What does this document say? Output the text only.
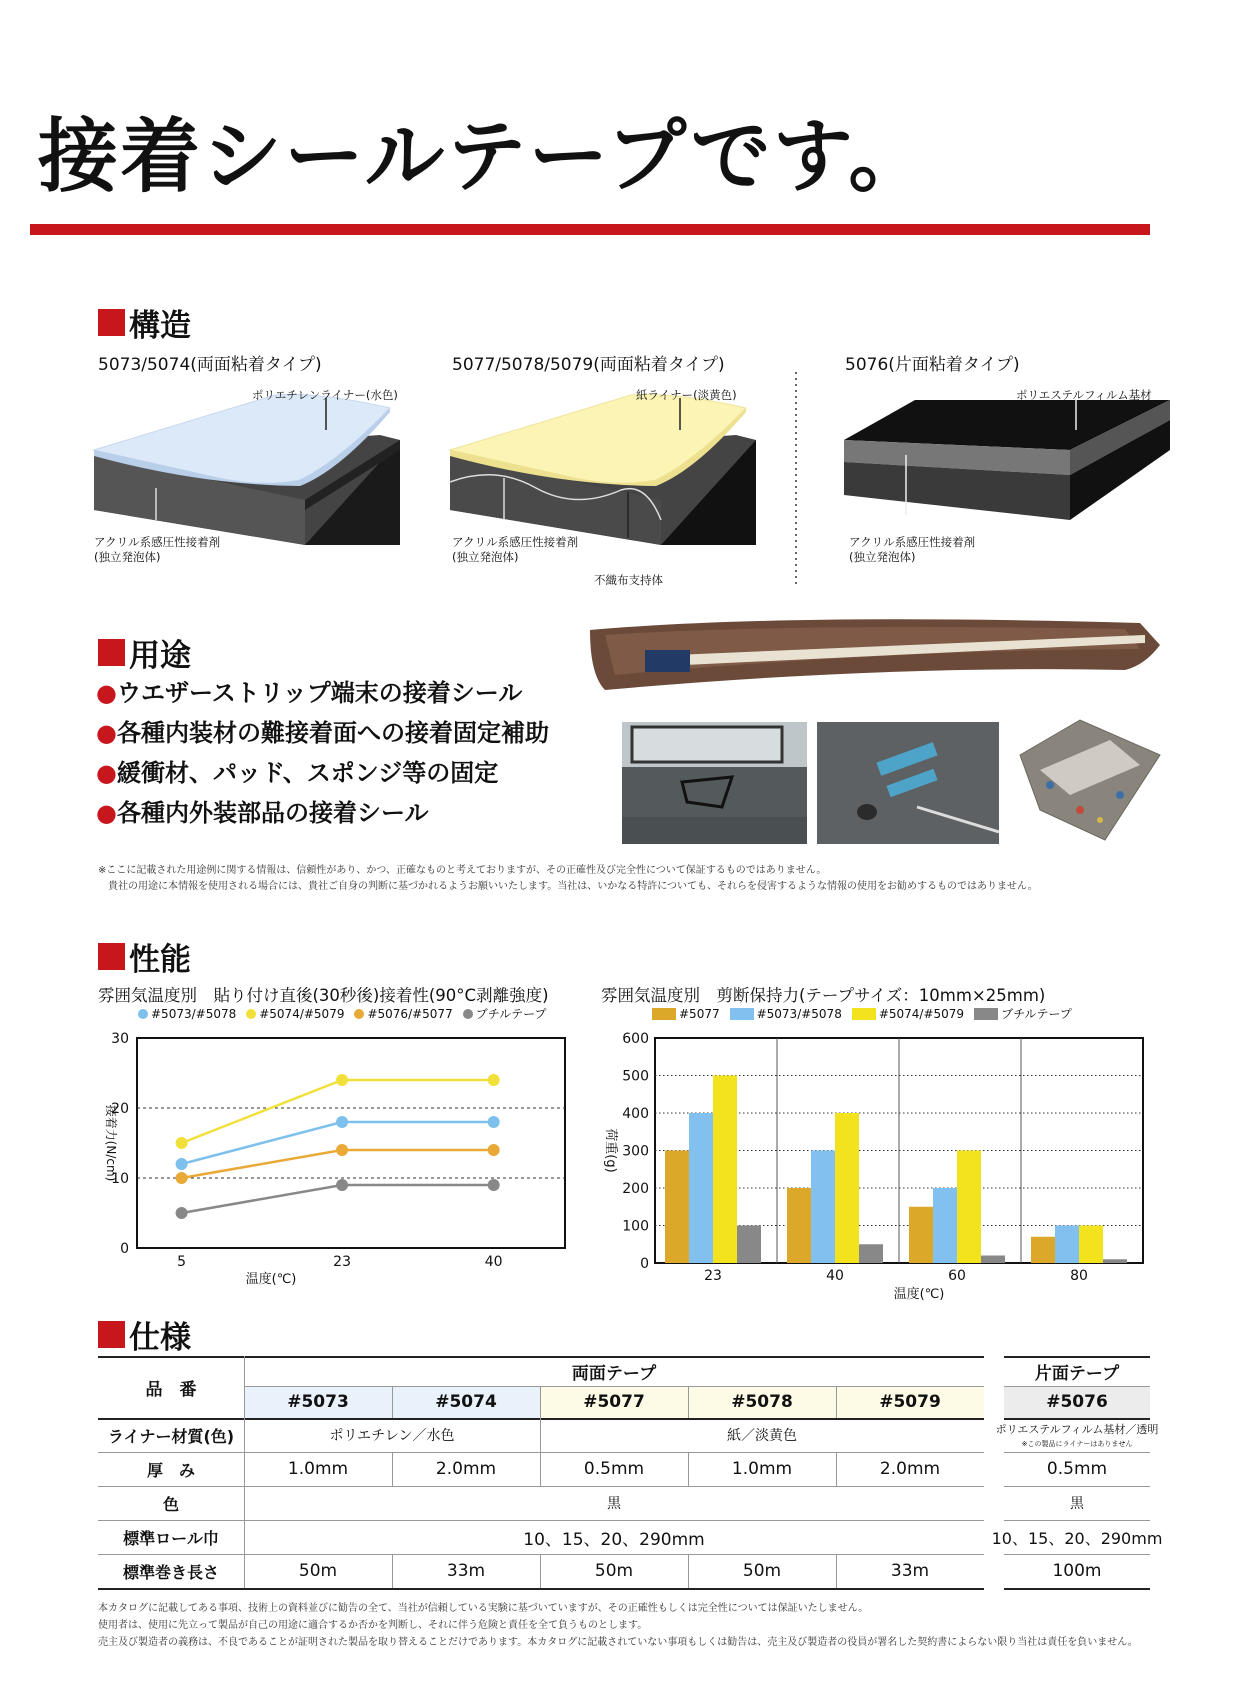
接着シールテープです。
構造
5073/5074(両面粘着タイプ)	5077/5078/5079(両面粘着タイプ)	5076(片面粘着タイプ)
ポリエチレンライナー(水色)
アクリル系感圧性接着剤
(独立発泡体)
紙ライナー(淡黄色)
アクリル系感圧性接着剤
(独立発泡体)
不織布支持体
ポリエステルフィルム基材
アクリル系感圧性接着剤
(独立発泡体)
用途
●ウエザーストリップ端末の接着シール
●各種内装材の難接着面への接着固定補助
●緩衝材、パッド、スポンジ等の固定
●各種内外装部品の接着シール
※ここに記載された用途例に関する情報は、信頼性があり、かつ、正確なものと考えておりますが、その正確性及び完全性について保証するものではありません。
貴社の用途に本情報を使用される場合には、貴社ご自身の判断に基づかれるようお願いいたします。当社は、いかなる特許についても、それらを侵害するような情報の使用をお勧めするものではありません。
性能
雰囲気温度別　貼り付け直後(30秒後)接着性(90°C剥離強度)
#5073/#5078 #5074/#5079 #5076/#5077 ブチルテープ
0
10
20
30
5	23	40
温度(℃)
接着力(N/cm)
雰囲気温度別　剪断保持力(テープサイズ：10mm×25mm)
#5077	#5073/#5078	#5074/#5079	ブチルテープ
0
100
200
300
400
500
600
23	40	60	80
温度(℃)
荷重(g)
仕様
品　番
両面テープ	片面テープ
#5073	#5074	#5077	#5078	#5079	#5076
ライナー材質(色)	ポリエチレン／水色	紙／淡黄色	ポリエステルフィルム基材／透明
※この製品にライナーはありません
厚　み	1.0mm	2.0mm	0.5mm	1.0mm	2.0mm	0.5mm
色	黒	黒
標準ロール巾	10、15、20、290mm	10、15、20、290mm
標準巻き長さ	50m	33m	50m	50m	33m	100m
本カタログに記載してある事項、技術上の資料並びに勧告の全て、当社が信頼している実験に基づいていますが、その正確性もしくは完全性については保証いたしません。
使用者は、使用に先立って製品が自己の用途に適合するか否かを判断し、それに伴う危険と責任を全て負うものとします。
売主及び製造者の義務は、不良であることが証明された製品を取り替えることだけであります。本カタログに記載されていない事項もしくは勧告は、売主及び製造者の役員が署名した契約書によらない限り当社は責任を負いません。
